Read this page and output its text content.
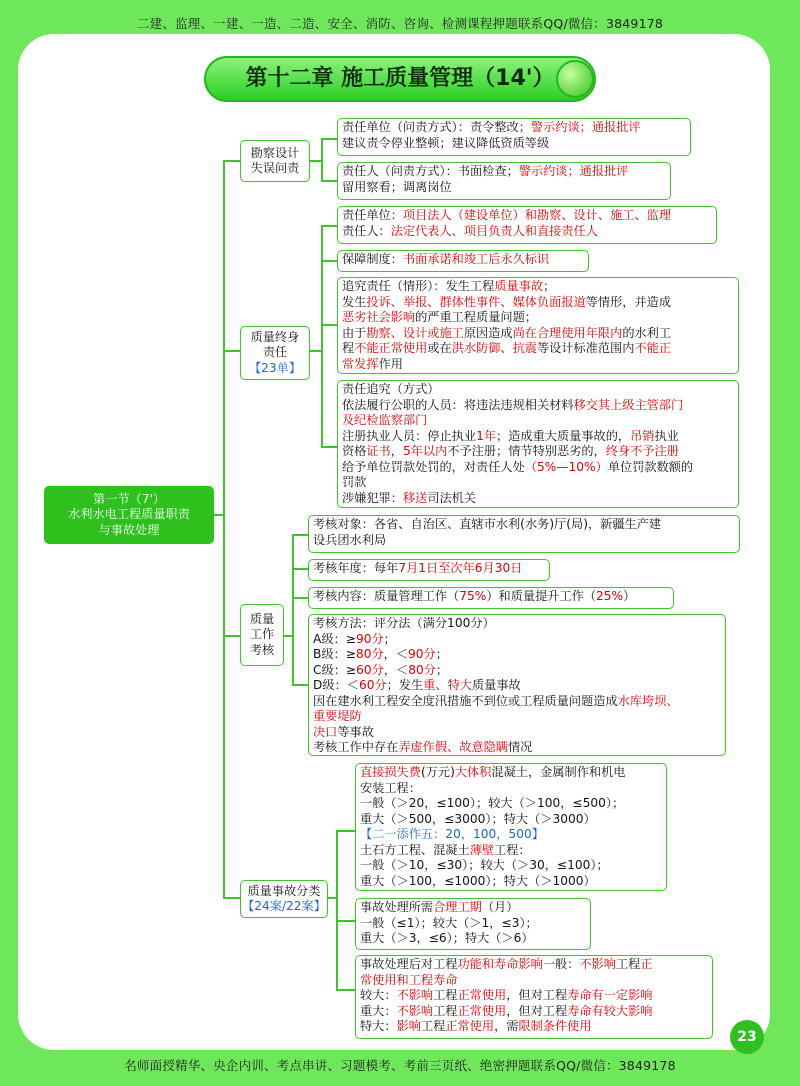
二建、监理、一建、一造、二造、安全、消防、咨询、检测课程押题联系QQ/微信：3849178
第十二章 施工质量管理（14'）
第一节（7'）
水利水电工程质量职责
与事故处理
勘察设计
失误问责
质量终身
责任
【23单】
质量
工作
考核
质量事故分类
【24案/22案】
责任单位（问责方式）：责令整改；警示约谈；通报批评
建议责令停业整顿；建议降低资质等级
责任人（问责方式）：书面检查；警示约谈；通报批评
留用察看；调离岗位
责任单位：项目法人（建设单位）和勘察、设计、施工、监理
责任人：法定代表人、项目负责人和直接责任人
保障制度：书面承诺和竣工后永久标识
追究责任（情形）：发生工程质量事故；
发生投诉、举报、群体性事件、媒体负面报道等情形，并造成
恶劣社会影响的严重工程质量问题；
由于勘察、设计或施工原因造成尚在合理使用年限内的水利工
程不能正常使用或在洪水防御、抗震等设计标准范围内不能正
常发挥作用
责任追究（方式）
依法履行公职的人员：将违法违规相关材料移交其上级主管部门
及纪检监察部门
注册执业人员：停止执业1年；造成重大质量事故的，吊销执业
资格证书，5年以内不予注册；情节特别恶劣的，终身不予注册
给予单位罚款处罚的，对责任人处（5%—10%）单位罚款数额的
罚款
涉嫌犯罪：移送司法机关
考核对象：各省、自治区、直辖市水利(水务)厅(局)，新疆生产建
设兵团水利局
考核年度：每年7月1日至次年6月30日
考核内容：质量管理工作（75%）和质量提升工作（25%）
考核方法：评分法（满分100分）
A级：≥90分；
B级：≥80分，＜90分；
C级：≥60分，＜80分；
D级：＜60分；发生重、特大质量事故
因在建水利工程安全度汛措施不到位或工程质量问题造成水库垮坝、
重要堤防
决口等事故
考核工作中存在弄虚作假、故意隐瞒情况
直接损失费(万元)大体积混凝土，金属制作和机电
安装工程：
一般（＞20，≤100）；较大（＞100，≤500）；
重大（＞500，≤3000）；特大（＞3000）
【二一添作五：20，100，500】
土石方工程、混凝土薄壁工程：
一般（＞10，≤30）；较大（＞30，≤100）；
重大（＞100，≤1000）；特大（＞1000）
事故处理所需合理工期（月）
一般（≤1）；较大（＞1，≤3）；
重大（＞3，≤6）；特大（＞6）
事故处理后对工程功能和寿命影响一般：不影响工程正
常使用和工程寿命
较大：不影响工程正常使用，但对工程寿命有一定影响
重大：不影响工程正常使用，但对工程寿命有较大影响
特大：影响工程正常使用，需限制条件使用
23
名师面授精华、央企内训、考点串讲、习题模考、考前三页纸、绝密押题联系QQ/微信：3849178
